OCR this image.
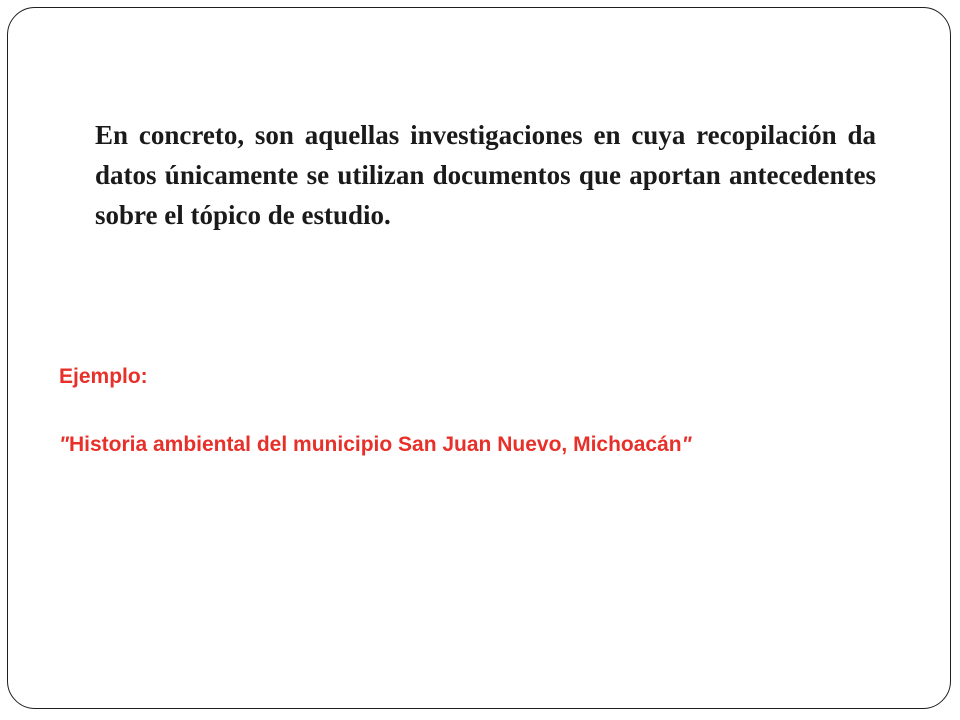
En concreto, son aquellas investigaciones en cuya recopilación da datos únicamente se utilizan documentos que aportan antecedentes sobre el tópico de estudio.

Ejemplo:

"Historia ambiental del municipio San Juan Nuevo, Michoacán"
